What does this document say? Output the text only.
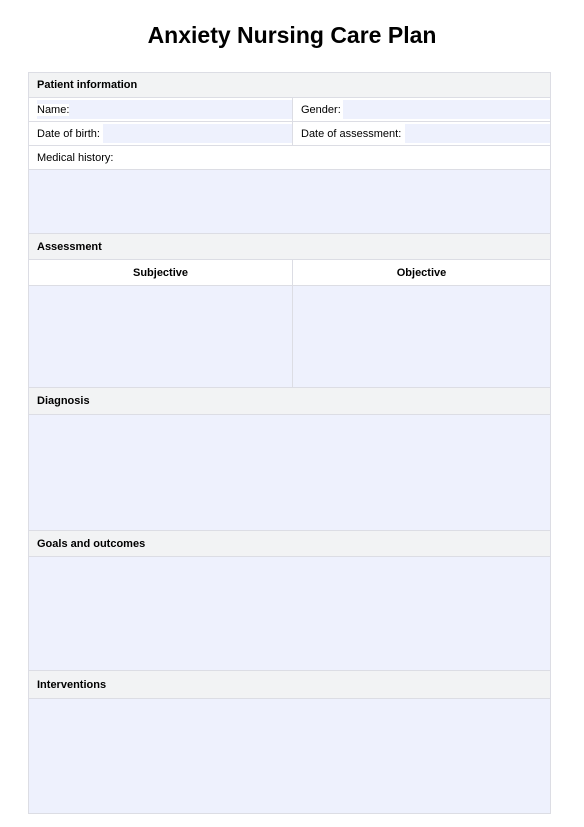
Anxiety Nursing Care Plan
Patient information
Name:	Gender:
Date of birth:	Date of assessment:
Medical history:
Assessment
Subjective	Objective
Diagnosis
Goals and outcomes
Interventions
